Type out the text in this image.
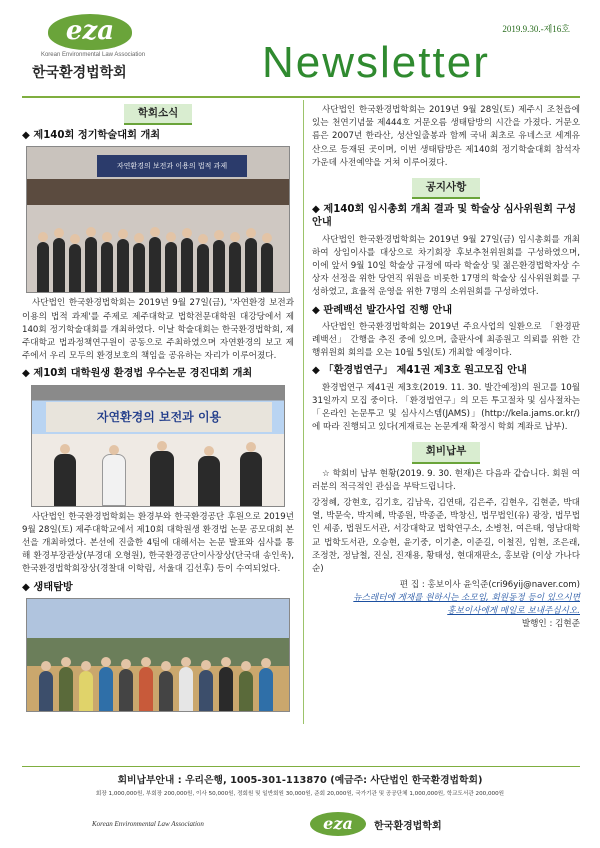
eza
Korean Environmental Law Association
한국환경법학회
2019.9.30.-제16호
Newsletter
학회소식
◆ 제140회 정기학술대회 개최
자연환경의 보전과 이용의 법적 과제
사단법인 한국환경법학회는 2019년 9월 27일(금), '자연환경 보전과 이용의 법적 과제'를 주제로 제주대학교 법학전문대학원 대강당에서 제140회 정기학술대회를 개최하였다. 이날 학술대회는 한국환경법학회, 제주대학교 법과정책연구원이 공동으로 주최하였으며 자연환경의 보고 제주에서 우리 모두의 환경보호의 책임을 공유하는 자리가 이루어졌다.
◆ 제10회 대학원생 환경법 우수논문 경진대회 개최
자연환경의 보전과 이용
사단법인 한국환경법학회는 환경부와 한국환경공단 후원으로 2019년 9월 28일(토) 제주대학교에서 제10회 대학원생 환경법 논문 공모대회 본선을 개최하였다. 본선에 진출한 4팀에 대해서는 논문 발표와 심사를 통해 환경부장관상(부경대 오형원), 한국환경공단이사장상(단국대 송인욱), 한국환경법학회장상(경찰대 이학림, 서울대 김선후) 등이 수여되었다.
◆ 생태탐방
사단법인 한국환경법학회는 2019년 9월 28일(토) 제주시 조천읍에 있는 천연기념물 제444호 거문오름 생태탐방의 시간을 가졌다. 거문오름은 2007년 한라산, 성산일출봉과 함께 국내 최초로 유네스코 세계유산으로 등재된 곳이며, 이번 생태탐방은 제140회 정기학술대회 참석자 가운데 사전예약을 거쳐 이루어졌다.
공지사항
◆ 제140회 임시총회 개최 결과 및 학술상 심사위원회 구성 안내
사단법인 한국환경법학회는 2019년 9월 27일(금) 임시총회를 개최하여 상임이사를 대상으로 차기회장 후보추천위원회를 구성하였으며, 이에 앞서 9월 10일 학술상 규정에 따라 학술상 및 젊은환경법학자상 수상자 선정을 위한 당연직 위원을 비롯한 17명의 학술상 심사위원회를 구성하였고, 효율적 운영을 위한 7명의 소위원회를 구성하였다.
◆ 판례백선 발간사업 진행 안내
사단법인 한국환경법학회는 2019년 주요사업의 일환으로 「환경판례백선」 간행을 추진 중에 있으며, 출판사에 최종원고 의뢰를 위한 간행위원회 회의를 오는 10월 5일(토) 개최할 예정이다.
◆ 「환경법연구」 제41권 제3호 원고모집 안내
환경법연구 제41권 제3호(2019. 11. 30. 발간예정)의 원고를 10월 31일까지 모집 중이다. 「환경법연구」의 모든 투고절차 및 심사절차는 「온라인 논문투고 및 심사시스템(JAMS)」(http://kela.jams.or.kr/)에 따라 진행되고 있다(게재료는 논문게재 확정시 학회 계좌로 납부).
회비납부
☆ 학회비 납부 현황(2019. 9. 30. 현재)은 다음과 같습니다. 회원 여러분의 적극적인 관심을 부탁드립니다.
강정혜, 강현호, 김기호, 김남욱, 김연태, 김은주, 김현우, 김현준, 박대열, 박문숙, 박지혜, 박종원, 박종준, 박창신, 법무법인(유) 광장, 법무법인 세종, 법원도서관, 서강대학교 법학연구소, 소병천, 여은태, 영남대학교 법학도서관, 오승현, 윤기중, 이기춘, 이준길, 이철진, 임현, 조은래, 조정찬, 정남철, 진실, 진재용, 황태성, 현대재판소, 홍보람 (이상 가나다 순)
편 집 : 홍보이사 윤익준(cri96yij@naver.com)
뉴스레터에 게재를 원하시는 소모임, 회원동정 등이 있으시면
홍보이사에게 메일로 보내주십시오.
발행인 : 김현준
회비납부안내 : 우리은행, 1005-301-113870 (예금주: 사단법인 한국환경법학회)
회장 1,000,000원, 부회장 200,000원, 이사 50,000원, 정회원 및 일반회원 30,000원, 준회 20,000원, 국가기관 및 공공단체 1,000,000원, 학교도서관 200,000원
Korean Environmental Law Association	eza	한국환경법학회
